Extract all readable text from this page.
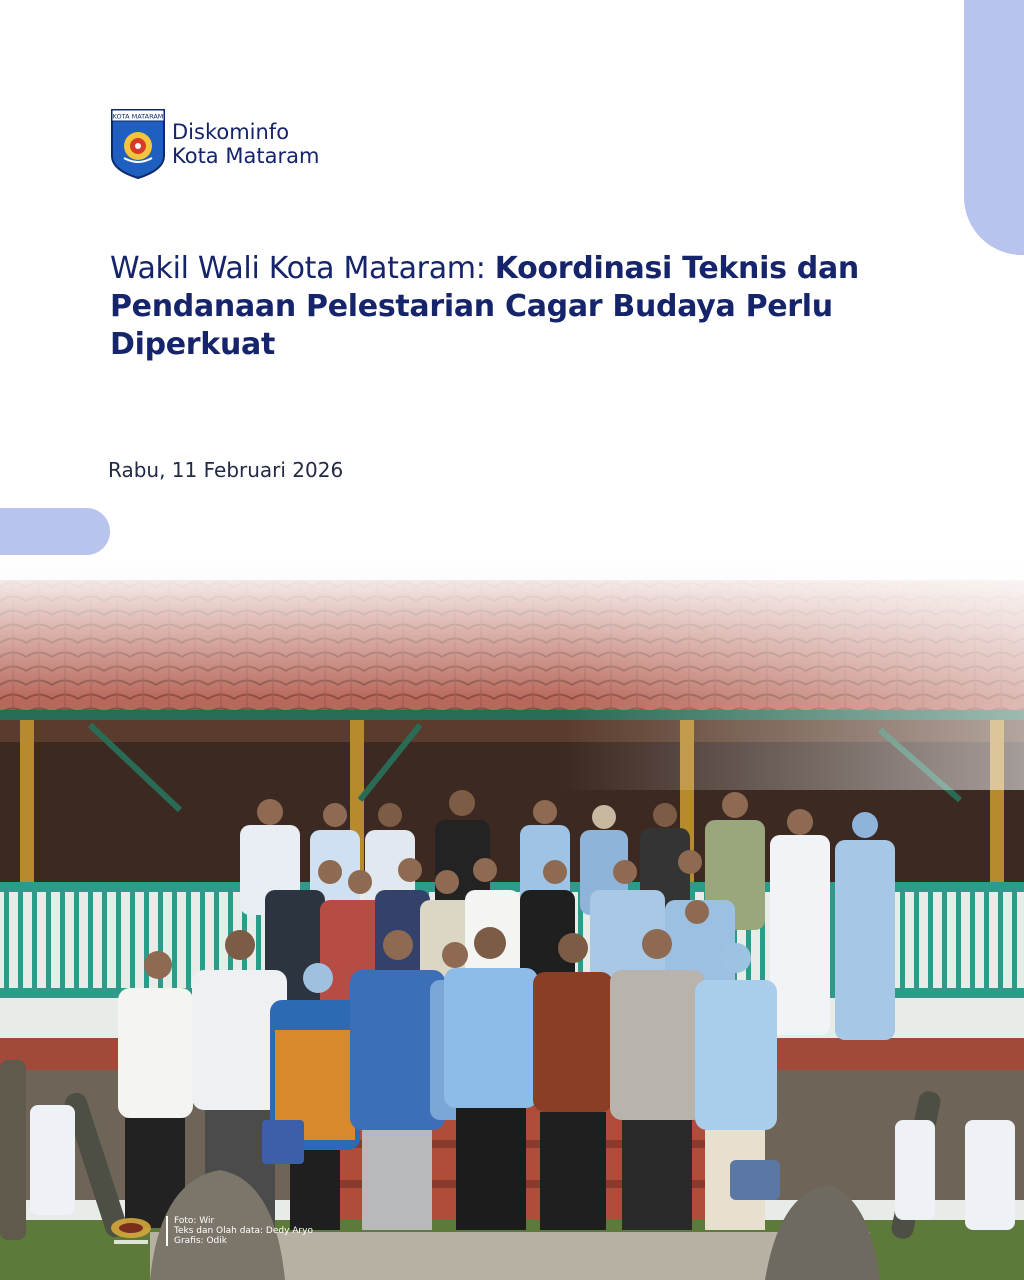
KOTA MATARAM
Diskominfo
Kota Mataram
Wakil Wali Kota Mataram: Koordinasi Teknis dan Pendanaan Pelestarian Cagar Budaya Perlu Diperkuat
Rabu, 11 Februari 2026
Foto: Wir
Teks dan Olah data: Dedy Aryo
Grafis: Odik
